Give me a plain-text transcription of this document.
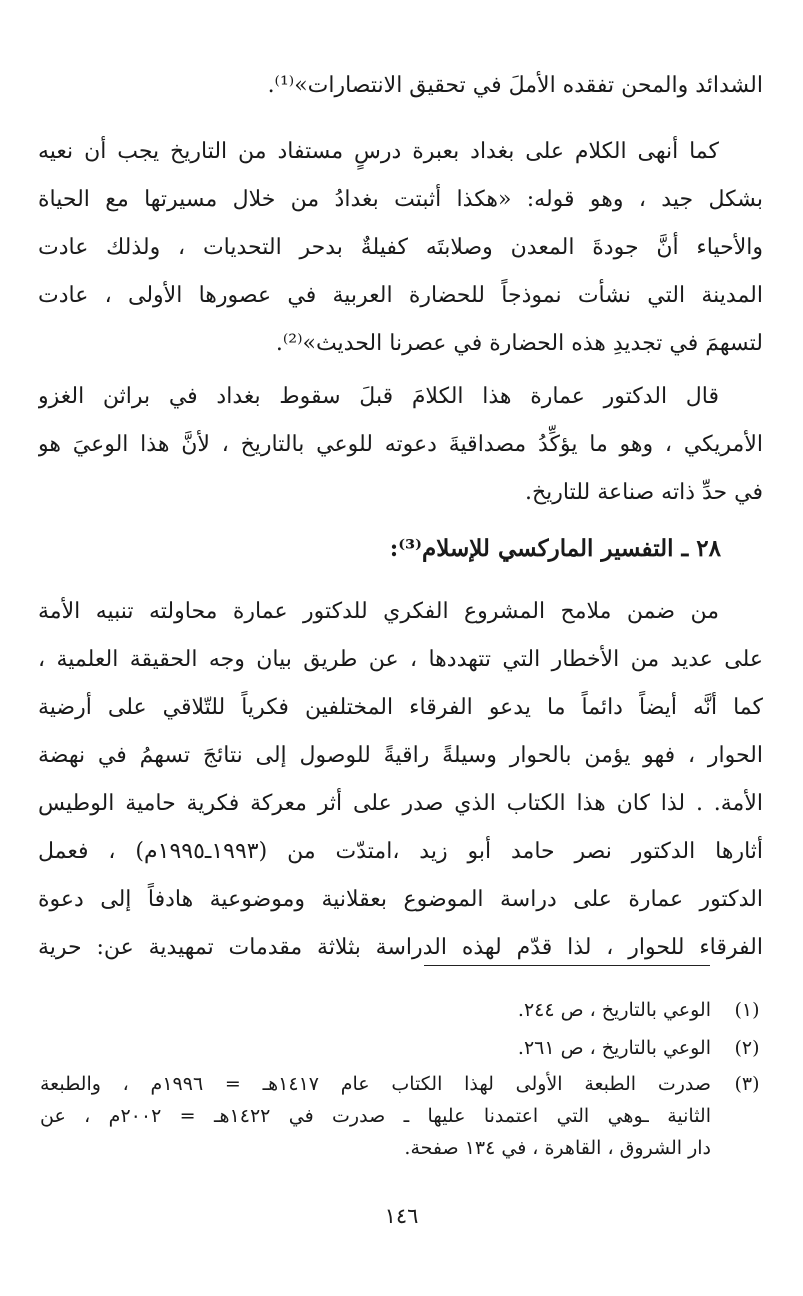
الشدائد والمحن تفقده الأملَ في تحقيق الانتصارات»⁽¹⁾.
كما أنهى الكلام على بغداد بعبرة درسٍ مستفاد من التاريخ يجب أن نعيه
بشكل جيد ، وهو قوله: «هكذا أثبتت بغدادُ من خلال مسيرتها مع الحياة
والأحياء أنَّ جودةَ المعدن وصلابتَه كفيلةٌ بدحر التحديات ، ولذلك عادت
المدينة التي نشأت نموذجاً للحضارة العربية في عصورها الأولى ، عادت
لتسهمَ في تجديدِ هذه الحضارة في عصرنا الحديث»⁽²⁾.
قال الدكتور عمارة هذا الكلامَ قبلَ سقوط بغداد في براثن الغزو
الأمريكي ، وهو ما يؤكِّدُ مصداقيةَ دعوته للوعي بالتاريخ ، لأنَّ هذا الوعيَ هو
في حدِّ ذاته صناعة للتاريخ.
٢٨ ـ التفسير الماركسي للإسلام⁽³⁾:
من ضمن ملامح المشروع الفكري للدكتور عمارة محاولته تنبيه الأمة
على عديد من الأخطار التي تتهددها ، عن طريق بيان وجه الحقيقة العلمية ،
كما أنَّه أيضاً دائماً ما يدعو الفرقاء المختلفين فكرياً للتّلاقي على أرضية
الحوار ، فهو يؤمن بالحوار وسيلةً راقيةً للوصول إلى نتائجَ تسهمُ في نهضة
الأمة. . لذا كان هذا الكتاب الذي صدر على أثر معركة فكرية حامية الوطيس
أثارها الدكتور نصر حامد أبو زيد ،امتدّت من (١٩٩٣ـ١٩٩٥م) ، فعمل
الدكتور عمارة على دراسة الموضوع بعقلانية وموضوعية هادفاً إلى دعوة
الفرقاء للحوار ، لذا قدّم لهذه الدراسة بثلاثة مقدمات تمهيدية عن: حرية
(١)
الوعي بالتاريخ ، ص ٢٤٤.
(٢)
الوعي بالتاريخ ، ص ٢٦١.
(٣)
صدرت الطبعة الأولى لهذا الكتاب عام ١٤١٧هـ = ١٩٩٦م ، والطبعة
الثانية ـوهي التي اعتمدنا عليها ـ صدرت في ١٤٢٢هـ = ٢٠٠٢م ، عن
دار الشروق ، القاهرة ، في ١٣٤ صفحة.
١٤٦
